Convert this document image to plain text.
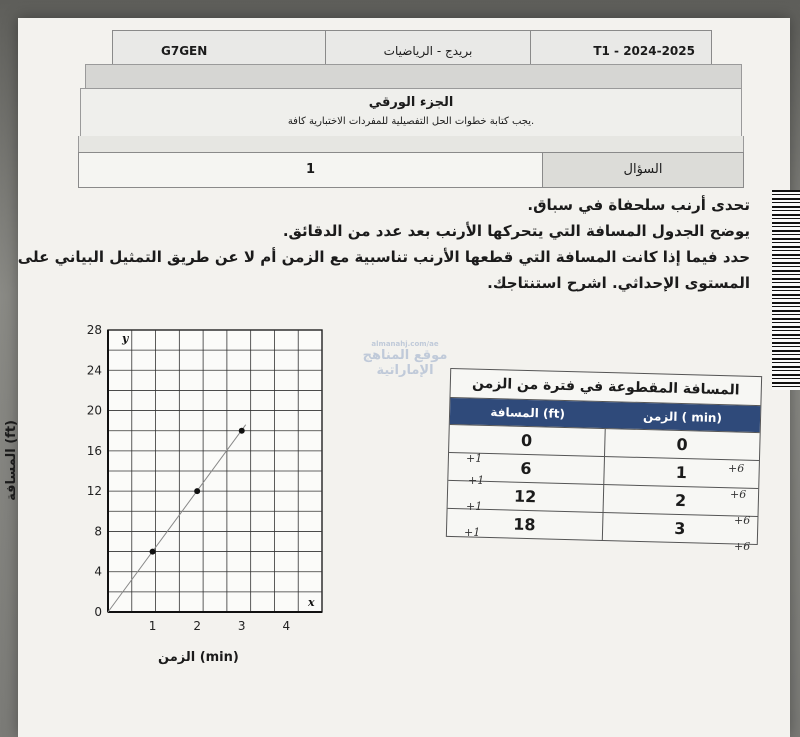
G7GEN	بريدج - الرياضيات	T1 - 2024-2025
الجزء الورقي
يجب كتابة خطوات الحل التفصيلية للمفردات الاختبارية كافة.
1	السؤال
تحدى أرنب سلحفاة في سباق.
يوضح الجدول المسافة التي يتحركها الأرنب بعد عدد من الدقائق.
حدد فيما إذا كانت المسافة التي قطعها الأرنب تناسبية مع الزمن أم لا عن طريق التمثيل البياني على
المستوى الإحداثي. اشرح استنتاجك.
almanahj.com/ae
موقع المناهج الإماراتية
0
4
8
12
16
20
24
28
1	2	3	4
y
x
المسافة (ft)
الزمن (min)
المسافة المقطوعة في فترة من الزمن
المسافة (ft)	الزمن ( min)
0	0
6	1
12	2
18	3
+1
+1
+1
+1
+6
+6
+6
+6
